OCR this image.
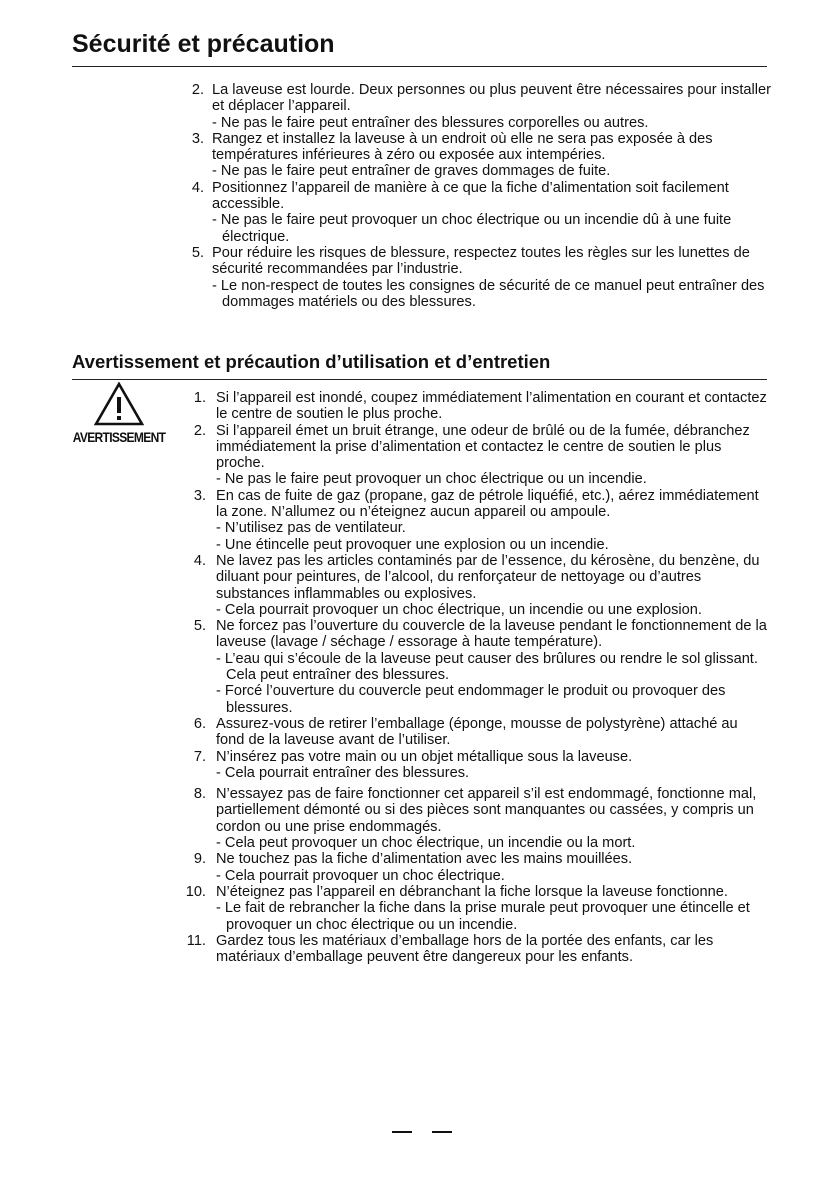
Sécurité et précaution
2. La laveuse est lourde. Deux personnes ou plus peuvent être nécessaires pour installer et déplacer l’appareil.
- Ne pas le faire peut entraîner des blessures corporelles ou autres.
3. Rangez et installez la laveuse à un endroit où elle ne sera pas exposée à des températures inférieures à zéro ou exposée aux intempéries.
- Ne pas le faire peut entraîner de graves dommages de fuite.
4. Positionnez l’appareil de manière à ce que la fiche d’alimentation soit facilement accessible.
- Ne pas le faire peut provoquer un choc électrique ou un incendie dû à une fuite électrique.
5. Pour réduire les risques de blessure, respectez toutes les règles sur les lunettes de sécurité recommandées par l’industrie.
- Le non-respect de toutes les consignes de sécurité de ce manuel peut entraîner des dommages matériels ou des blessures.
Avertissement et précaution d’utilisation et d’entretien
AVERTISSEMENT
1. Si l’appareil est inondé, coupez immédiatement l’alimentation en courant et contactez le centre de soutien le plus proche.
2. Si l’appareil émet un bruit étrange, une odeur de brûlé ou de la fumée, débranchez immédiatement la prise d’alimentation et contactez le centre de soutien le plus proche.
- Ne pas le faire peut provoquer un choc électrique ou un incendie.
3. En cas de fuite de gaz (propane, gaz de pétrole liquéfié, etc.), aérez immédiatement la zone. N’allumez ou n’éteignez aucun appareil ou ampoule.
- N’utilisez pas de ventilateur.
- Une étincelle peut provoquer une explosion ou un incendie.
4. Ne lavez pas les articles contaminés par de l’essence, du kérosène, du benzène, du diluant pour peintures, de l’alcool, du renforçateur de nettoyage ou d’autres substances inflammables ou explosives.
- Cela pourrait provoquer un choc électrique, un incendie ou une explosion.
5. Ne forcez pas l’ouverture du couvercle de la laveuse pendant le fonctionnement de la laveuse (lavage / séchage / essorage à haute température).
- L’eau qui s’écoule de la laveuse peut causer des brûlures ou rendre le sol glissant. Cela peut entraîner des blessures.
- Forcé l’ouverture du couvercle peut endommager le produit ou provoquer des blessures.
6. Assurez-vous de retirer l’emballage (éponge, mousse de polystyrène) attaché au fond de la laveuse avant de l’utiliser.
7. N’insérez pas votre main ou un objet métallique sous la laveuse.
- Cela pourrait entraîner des blessures.
8. N’essayez pas de faire fonctionner cet appareil s’il est endommagé, fonctionne mal, partiellement démonté ou si des pièces sont manquantes ou cassées, y compris un cordon ou une prise endommagés.
- Cela peut provoquer un choc électrique, un incendie ou la mort.
9. Ne touchez pas la fiche d’alimentation avec les mains mouillées.
- Cela pourrait provoquer un choc électrique.
10. N’éteignez pas l’appareil en débranchant la fiche lorsque la laveuse fonctionne.
- Le fait de rebrancher la fiche dans la prise murale peut provoquer une étincelle et provoquer un choc électrique ou un incendie.
11. Gardez tous les matériaux d’emballage hors de la portée des enfants, car les matériaux d’emballage peuvent être dangereux pour les enfants.
